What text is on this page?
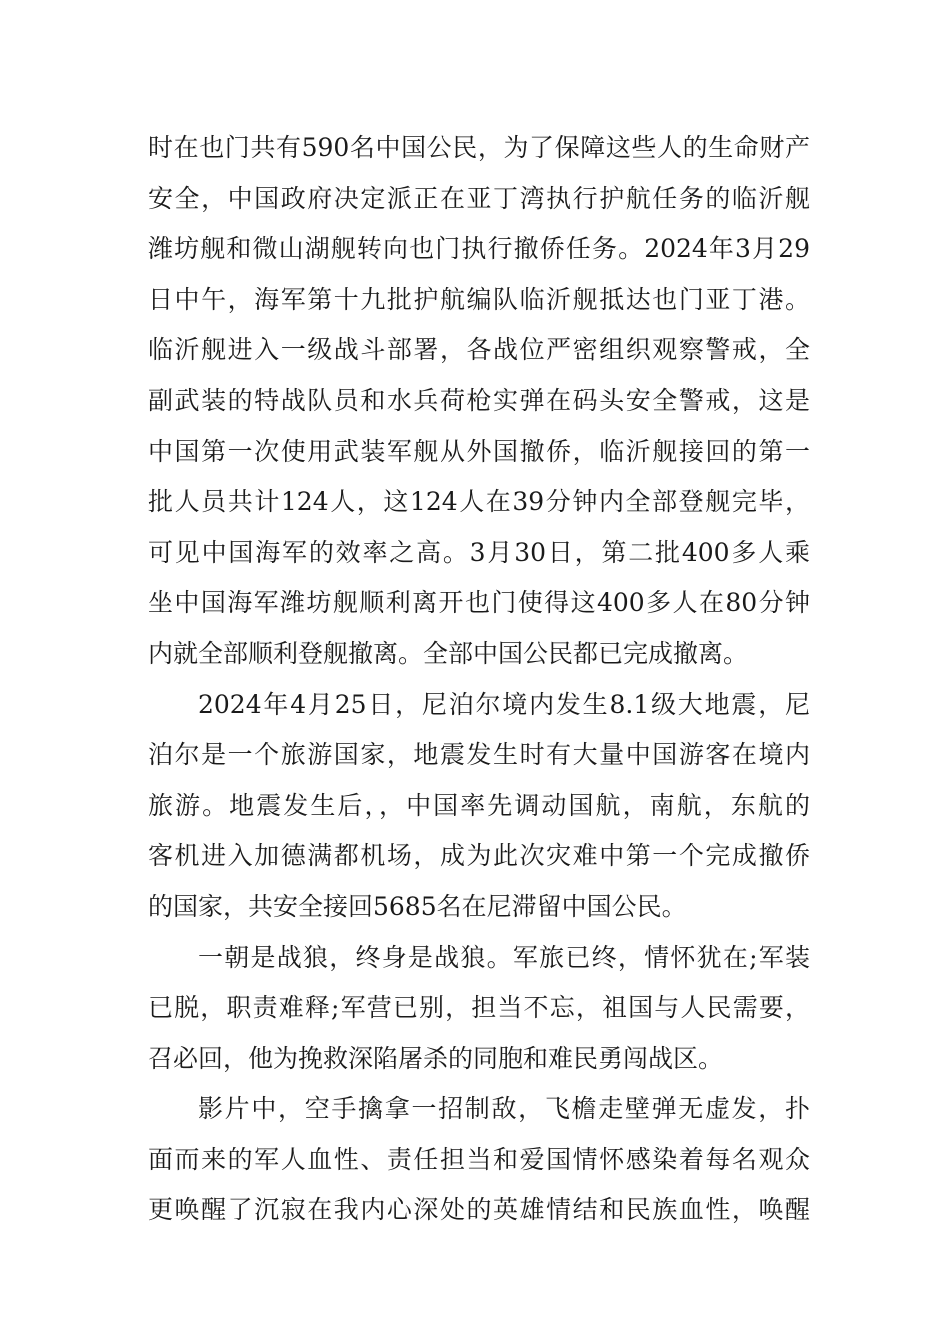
时在也门共有590名中国公民，为了保障这些人的生命财产
安全，中国政府决定派正在亚丁湾执行护航任务的临沂舰
潍坊舰和微山湖舰转向也门执行撤侨任务。2024年3月29
日中午，海军第十九批护航编队临沂舰抵达也门亚丁港。
临沂舰进入一级战斗部署，各战位严密组织观察警戒，全
副武装的特战队员和水兵荷枪实弹在码头安全警戒，这是
中国第一次使用武装军舰从外国撤侨，临沂舰接回的第一
批人员共计124人，这124人在39分钟内全部登舰完毕，
可见中国海军的效率之高。3月30日，第二批400多人乘
坐中国海军潍坊舰顺利离开也门使得这400多人在80分钟
内就全部顺利登舰撤离。全部中国公民都已完成撤离。
2024年4月25日，尼泊尔境内发生8.1级大地震，尼
泊尔是一个旅游国家，地震发生时有大量中国游客在境内
旅游。地震发生后，，中国率先调动国航，南航，东航的
客机进入加德满都机场，成为此次灾难中第一个完成撤侨
的国家，共安全接回5685名在尼滞留中国公民。
一朝是战狼，终身是战狼。军旅已终，情怀犹在;军装
已脱，职责难释;军营已别，担当不忘，祖国与人民需要，
召必回，他为挽救深陷屠杀的同胞和难民勇闯战区。
影片中，空手擒拿一招制敌，飞檐走壁弹无虚发，扑
面而来的军人血性、责任担当和爱国情怀感染着每名观众
更唤醒了沉寂在我内心深处的英雄情结和民族血性，唤醒
